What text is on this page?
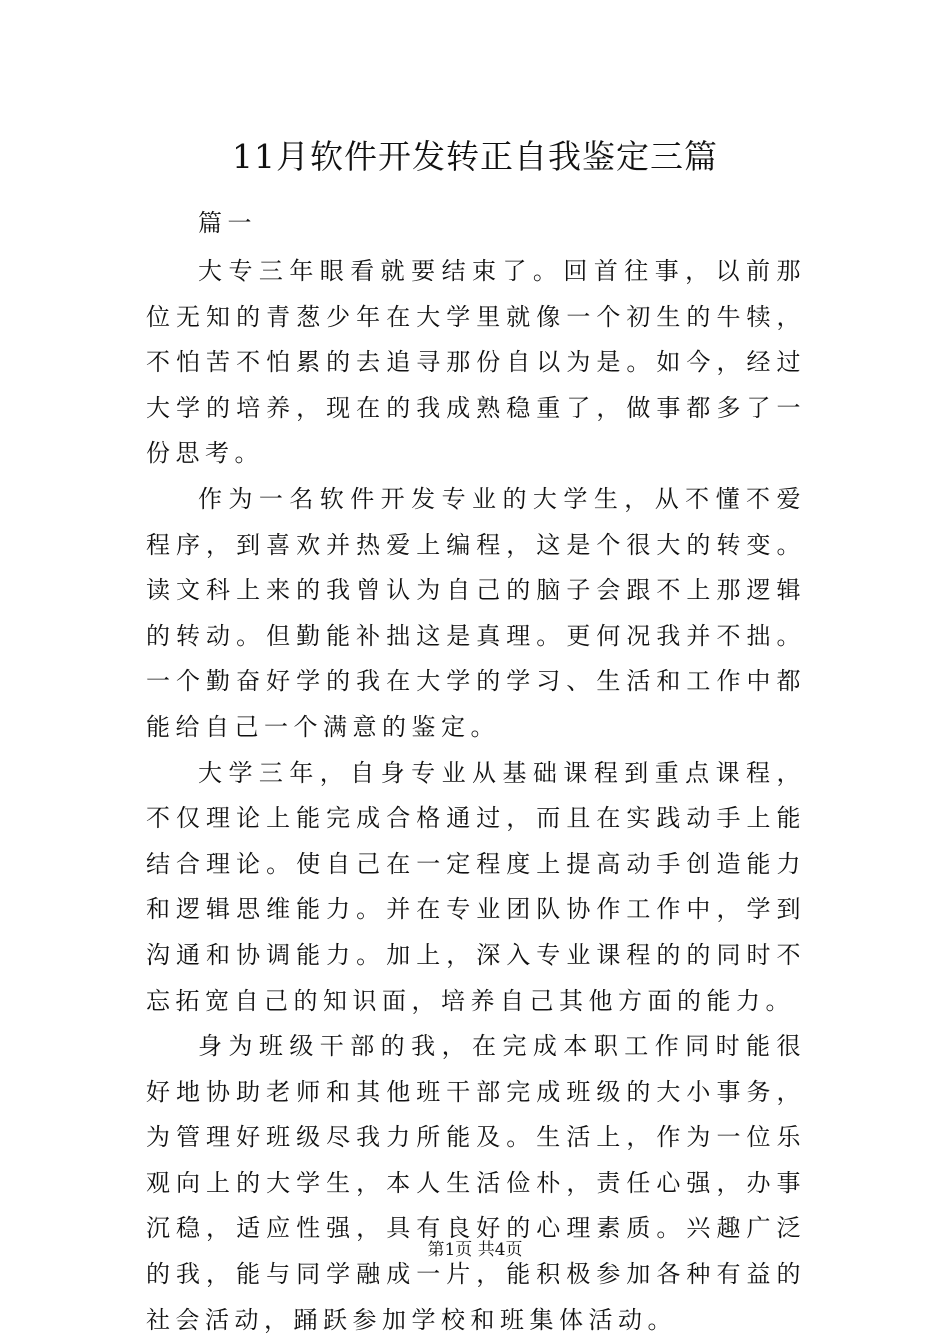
11月软件开发转正自我鉴定三篇

篇一

大专三年眼看就要结束了。回首往事，以前那位无知的青葱少年在大学里就像一个初生的牛犊，不怕苦不怕累的去追寻那份自以为是。如今，经过大学的培养，现在的我成熟稳重了，做事都多了一份思考。

作为一名软件开发专业的大学生，从不懂不爱程序，到喜欢并热爱上编程，这是个很大的转变。读文科上来的我曾认为自己的脑子会跟不上那逻辑的转动。但勤能补拙这是真理。更何况我并不拙。一个勤奋好学的我在大学的学习、生活和工作中都能给自己一个满意的鉴定。

大学三年，自身专业从基础课程到重点课程，不仅理论上能完成合格通过，而且在实践动手上能结合理论。使自己在一定程度上提高动手创造能力和逻辑思维能力。并在专业团队协作工作中，学到沟通和协调能力。加上，深入专业课程的的同时不忘拓宽自己的知识面，培养自己其他方面的能力。

身为班级干部的我，在完成本职工作同时能很好地协助老师和其他班干部完成班级的大小事务，为管理好班级尽我力所能及。生活上，作为一位乐观向上的大学生，本人生活俭朴，责任心强，办事沉稳，适应性强，具有良好的心理素质。兴趣广泛的我，能与同学融成一片，能积极参加各种有益的社会活动，踊跃参加学校和班集体活动。

第1页 共4页
